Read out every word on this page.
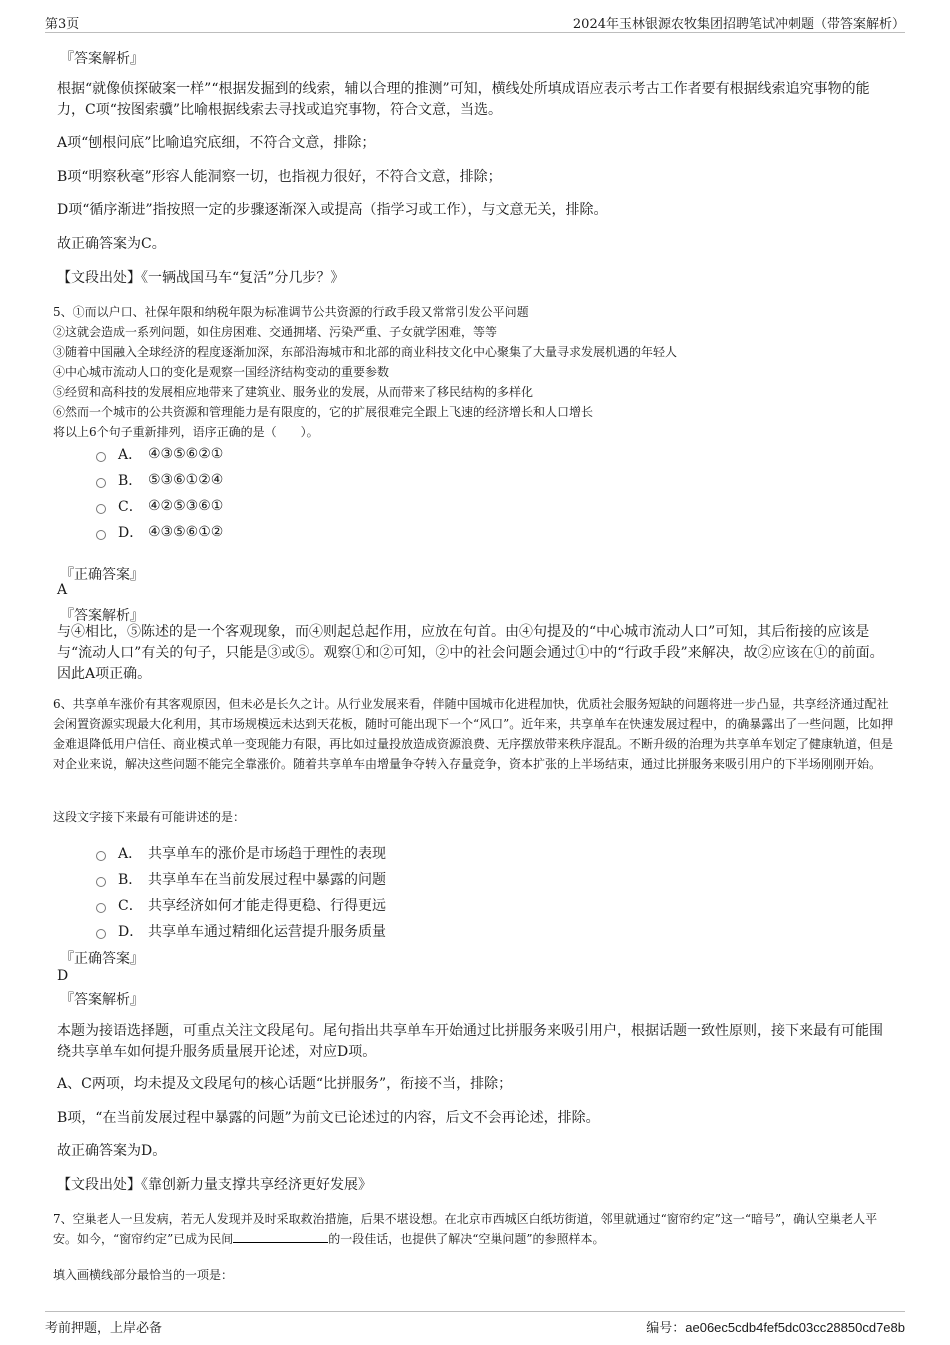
第3页	2024年玉林银源农牧集团招聘笔试冲刺题（带答案解析）
『答案解析』
根据“就像侦探破案一样”“根据发掘到的线索，辅以合理的推测”可知，横线处所填成语应表示考古工作者要有根据线索追究事物的能力，C项“按图索骥”比喻根据线索去寻找或追究事物，符合文意，当选。
A项“刨根问底”比喻追究底细，不符合文意，排除；
B项“明察秋毫”形容人能洞察一切，也指视力很好，不符合文意，排除；
D项“循序渐进”指按照一定的步骤逐渐深入或提高（指学习或工作），与文意无关，排除。
故正确答案为C。
【文段出处】《一辆战国马车“复活”分几步？》
5、①而以户口、社保年限和纳税年限为标准调节公共资源的行政手段又常常引发公平问题
②这就会造成一系列问题，如住房困难、交通拥堵、污染严重、子女就学困难，等等
③随着中国融入全球经济的程度逐渐加深，东部沿海城市和北部的商业科技文化中心聚集了大量寻求发展机遇的年轻人
④中心城市流动人口的变化是观察一国经济结构变动的重要参数
⑤经贸和高科技的发展相应地带来了建筑业、服务业的发展，从而带来了移民结构的多样化
⑥然而一个城市的公共资源和管理能力是有限度的，它的扩展很难完全跟上飞速的经济增长和人口增长
将以上6个句子重新排列，语序正确的是（　　）。
A． ④③⑤⑥②①
B． ⑤③⑥①②④
C． ④②⑤③⑥①
D． ④③⑤⑥①②
『正确答案』
A
『答案解析』
与④相比，⑤陈述的是一个客观现象，而④则起总起作用，应放在句首。由④句提及的“中心城市流动人口”可知，其后衔接的应该是与“流动人口”有关的句子，只能是③或⑤。观察①和②可知，②中的社会问题会通过①中的“行政手段”来解决，故②应该在①的前面。因此A项正确。
6、共享单车涨价有其客观原因，但未必是长久之计。从行业发展来看，伴随中国城市化进程加快，优质社会服务短缺的问题将进一步凸显，共享经济通过配社会闲置资源实现最大化利用，其市场规模远未达到天花板，随时可能出现下一个“风口”。近年来，共享单车在快速发展过程中，的确暴露出了一些问题，比如押金难退降低用户信任、商业模式单一变现能力有限，再比如过量投放造成资源浪费、无序摆放带来秩序混乱。不断升级的治理为共享单车划定了健康轨道，但是对企业来说，解决这些问题不能完全靠涨价。随着共享单车由增量争夺转入存量竞争，资本扩张的上半场结束，通过比拼服务来吸引用户的下半场刚刚开始。
这段文字接下来最有可能讲述的是：
A． 共享单车的涨价是市场趋于理性的表现
B． 共享单车在当前发展过程中暴露的问题
C． 共享经济如何才能走得更稳、行得更远
D． 共享单车通过精细化运营提升服务质量
『正确答案』
D
『答案解析』
本题为接语选择题，可重点关注文段尾句。尾句指出共享单车开始通过比拼服务来吸引用户，根据话题一致性原则，接下来最有可能围绕共享单车如何提升服务质量展开论述，对应D项。
A、C两项，均未提及文段尾句的核心话题“比拼服务”，衔接不当，排除；
B项，“在当前发展过程中暴露的问题”为前文已论述过的内容，后文不会再论述，排除。
故正确答案为D。
【文段出处】《靠创新力量支撑共享经济更好发展》
7、空巢老人一旦发病，若无人发现并及时采取救治措施，后果不堪设想。在北京市西城区白纸坊街道，邻里就通过“窗帘约定”这一“暗号”，确认空巢老人平安。如今，“窗帘约定”已成为民间	的一段佳话，也提供了解决“空巢问题”的参照样本。
填入画横线部分最恰当的一项是：
考前押题，上岸必备	编号：ae06ec5cdb4fef5dc03cc28850cd7e8b
